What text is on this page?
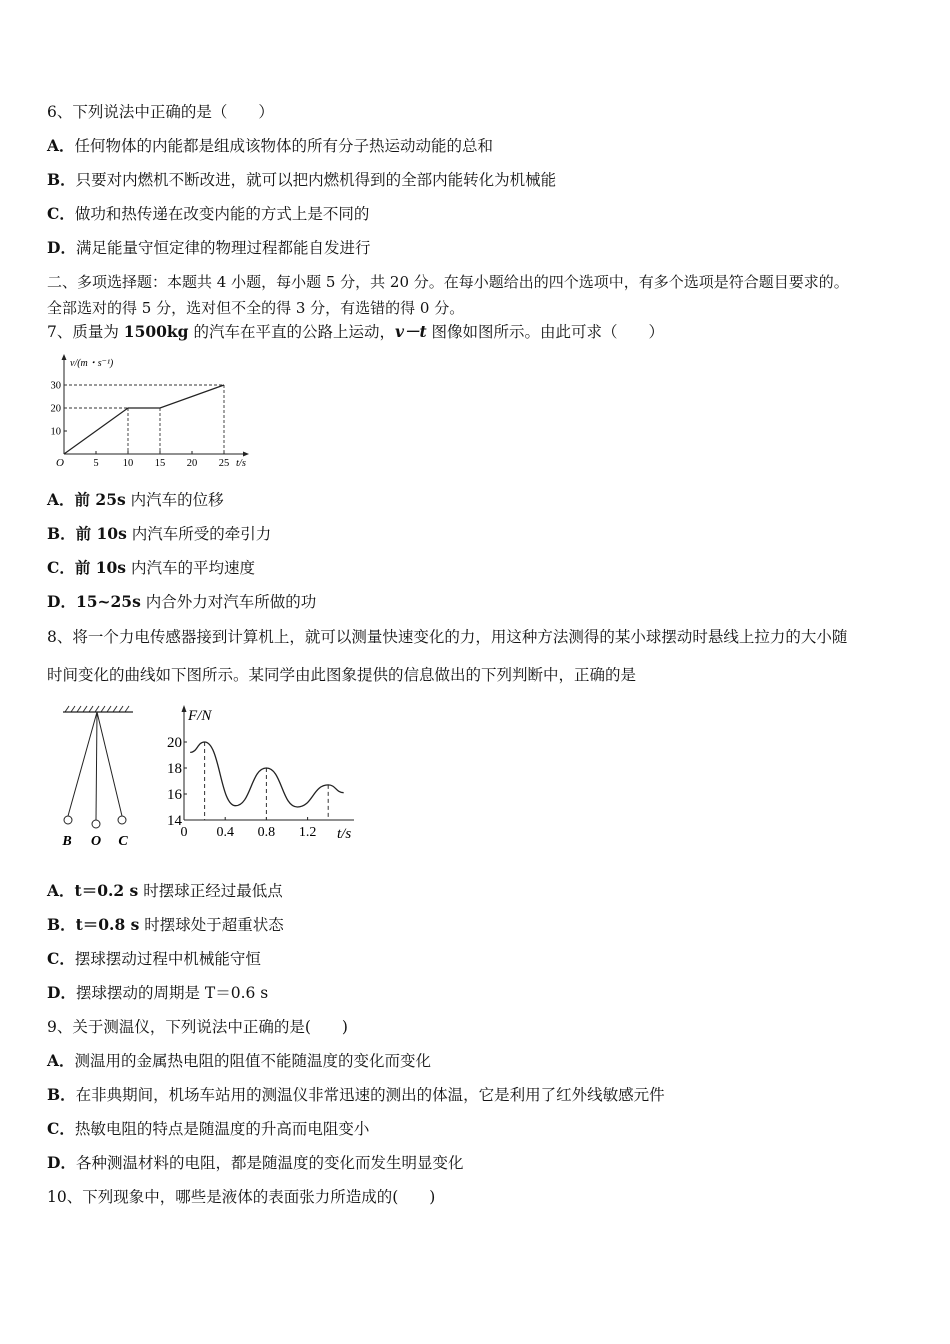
6、下列说法中正确的是（　　）
A．任何物体的内能都是组成该物体的所有分子热运动动能的总和
B．只要对内燃机不断改进，就可以把内燃机得到的全部内能转化为机械能
C．做功和热传递在改变内能的方式上是不同的
D．满足能量守恒定律的物理过程都能自发进行
二、多项选择题：本题共 4 小题，每小题 5 分，共 20 分。在每小题给出的四个选项中，有多个选项是符合题目要求的。
全部选对的得 5 分，选对但不全的得 3 分，有选错的得 0 分。
7、质量为 1500kg 的汽车在平直的公路上运动，v－t 图像如图所示。由此可求（　　）
v/(m・s⁻¹)
t/s
O
10
20
30
5 10 15 20 25
A．前 25s 内汽车的位移
B．前 10s 内汽车所受的牵引力
C．前 10s 内汽车的平均速度
D．15~25s 内合外力对汽车所做的功
8、将一个力电传感器接到计算机上，就可以测量快速变化的力，用这种方法测得的某小球摆动时悬线上拉力的大小随
时间变化的曲线如下图所示。某同学由此图象提供的信息做出的下列判断中，正确的是
B O C
F/N
t/s
14
16
18
20
0 0.4 0.8 1.2
A．t＝0.2 s 时摆球正经过最低点
B．t＝0.8 s 时摆球处于超重状态
C．摆球摆动过程中机械能守恒
D．摆球摆动的周期是 T＝0.6 s
9、关于测温仪，下列说法中正确的是(　　)
A．测温用的金属热电阻的阻值不能随温度的变化而变化
B．在非典期间，机场车站用的测温仪非常迅速的测出的体温，它是利用了红外线敏感元件
C．热敏电阻的特点是随温度的升高而电阻变小
D．各种测温材料的电阻，都是随温度的变化而发生明显变化
10、下列现象中，哪些是液体的表面张力所造成的(　　)
